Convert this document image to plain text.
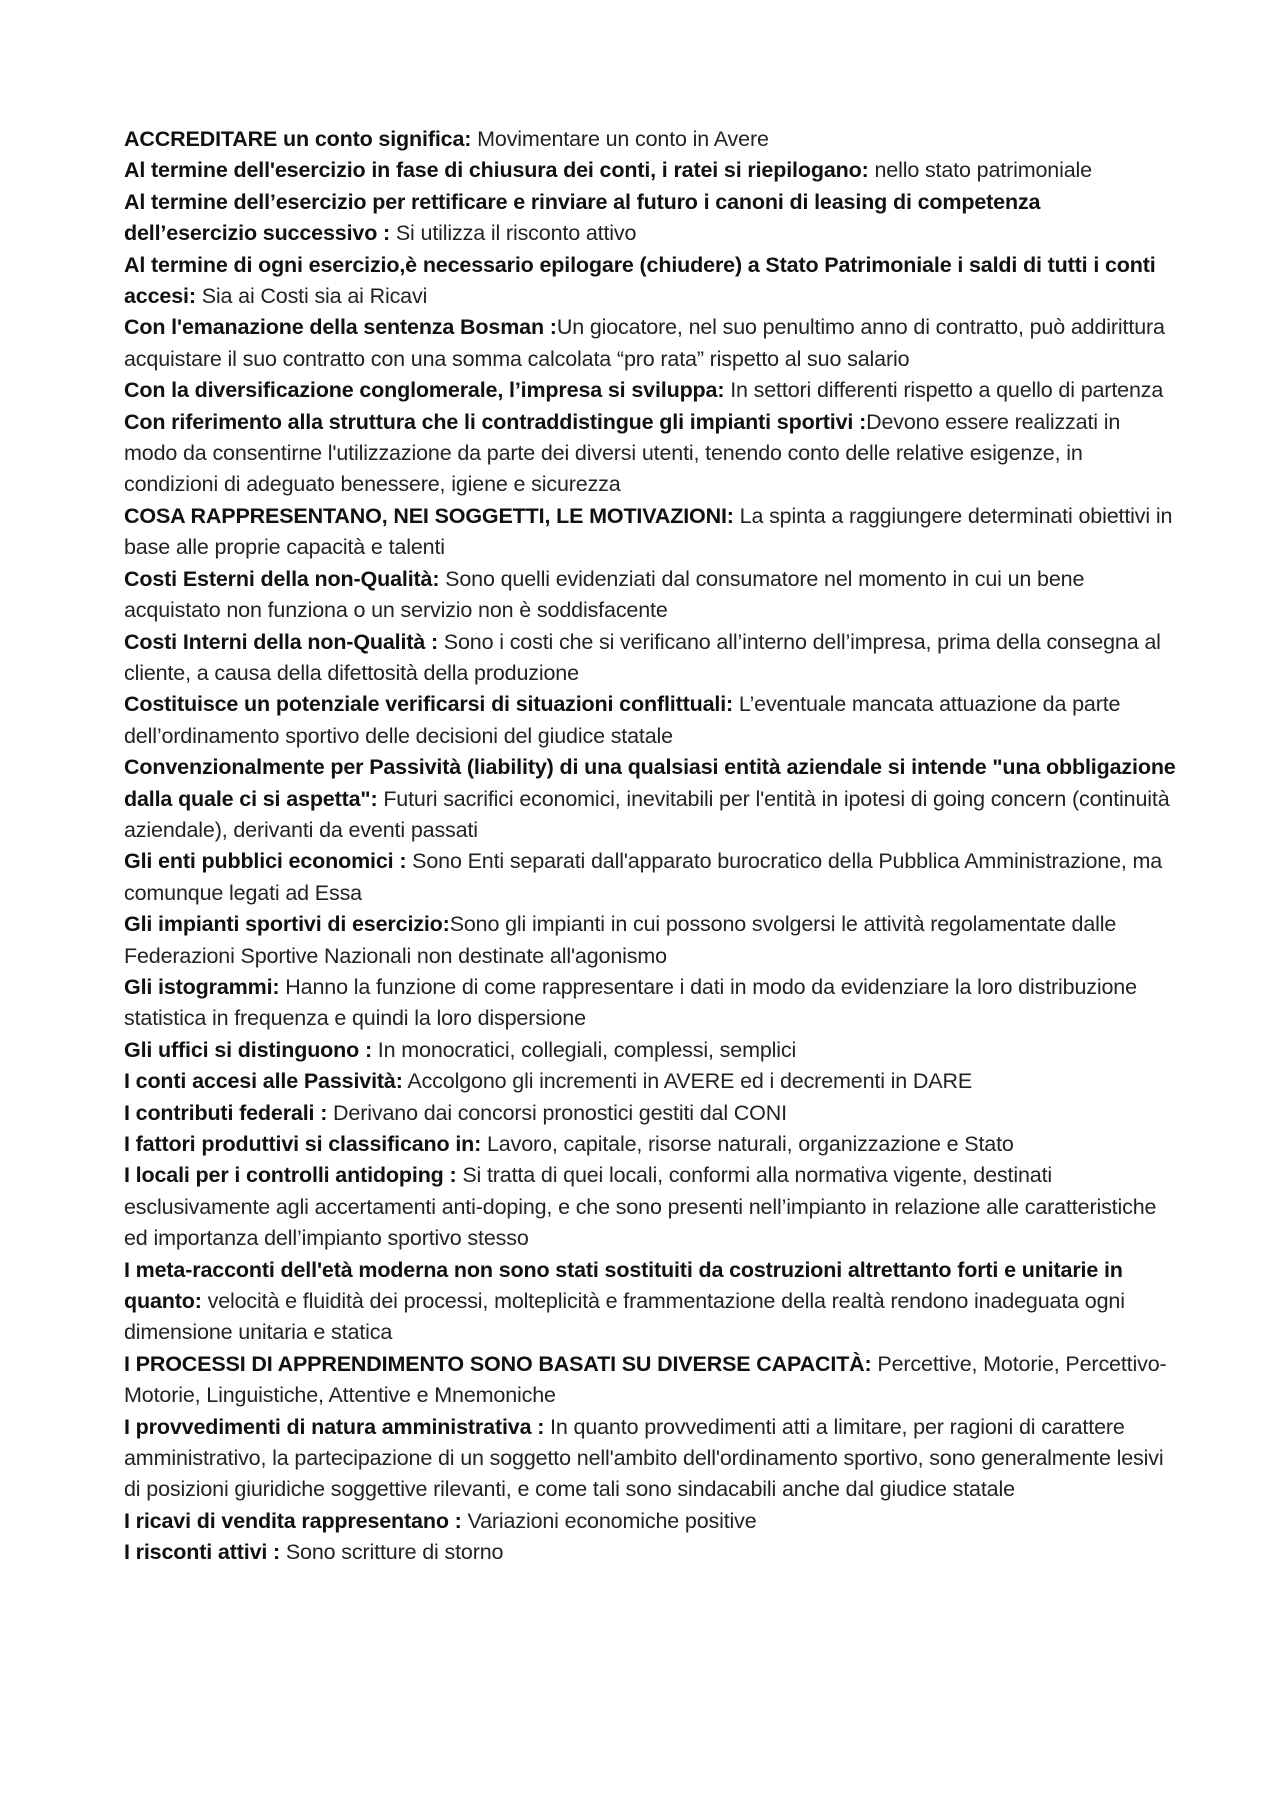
ACCREDITARE un conto significa: Movimentare un conto in Avere

Al termine dell'esercizio in fase di chiusura dei conti, i ratei si riepilogano: nello stato patrimoniale

Al termine dell’esercizio per rettificare e rinviare al futuro i canoni di leasing di competenza dell’esercizio successivo : Si utilizza il risconto attivo

Al termine di ogni esercizio,è necessario epilogare (chiudere) a Stato Patrimoniale i saldi di tutti i conti accesi: Sia ai Costi sia ai Ricavi

Con l'emanazione della sentenza Bosman :Un giocatore, nel suo penultimo anno di contratto, può addirittura acquistare il suo contratto con una somma calcolata “pro rata” rispetto al suo salario

Con la diversificazione conglomerale, l’impresa si sviluppa: In settori differenti rispetto a quello di partenza

Con riferimento alla struttura che li contraddistingue gli impianti sportivi :Devono essere realizzati in modo da consentirne l'utilizzazione da parte dei diversi utenti, tenendo conto delle relative esigenze, in condizioni di adeguato benessere, igiene e sicurezza

COSA RAPPRESENTANO, NEI SOGGETTI, LE MOTIVAZIONI: La spinta a raggiungere determinati obiettivi in base alle proprie capacità e talenti

Costi Esterni della non-Qualità: Sono quelli evidenziati dal consumatore nel momento in cui un bene acquistato non funziona o un servizio non è soddisfacente

Costi Interni della non-Qualità : Sono i costi che si verificano all’interno dell’impresa, prima della consegna al cliente, a causa della difettosità della produzione

Costituisce un potenziale verificarsi di situazioni conflittuali: L’eventuale mancata attuazione da parte dell’ordinamento sportivo delle decisioni del giudice statale

Convenzionalmente per Passività (liability) di una qualsiasi entità aziendale si intende "una obbligazione dalla quale ci si aspetta": Futuri sacrifici economici, inevitabili per l'entità in ipotesi di going concern (continuità aziendale), derivanti da eventi passati

Gli enti pubblici economici : Sono Enti separati dall'apparato burocratico della Pubblica Amministrazione, ma comunque legati ad Essa

Gli impianti sportivi di esercizio:Sono gli impianti in cui possono svolgersi le attività regolamentate dalle Federazioni Sportive Nazionali non destinate all'agonismo

Gli istogrammi: Hanno la funzione di come rappresentare i dati in modo da evidenziare la loro distribuzione statistica in frequenza e quindi la loro dispersione

Gli uffici si distinguono : In monocratici, collegiali, complessi, semplici

I conti accesi alle Passività: Accolgono gli incrementi in AVERE ed i decrementi in DARE

I contributi federali : Derivano dai concorsi pronostici gestiti dal CONI

I fattori produttivi si classificano in: Lavoro, capitale, risorse naturali, organizzazione e Stato

I locali per i controlli antidoping : Si tratta di quei locali, conformi alla normativa vigente, destinati esclusivamente agli accertamenti anti-doping, e che sono presenti nell’impianto in relazione alle caratteristiche ed importanza dell’impianto sportivo stesso

I meta-racconti dell'età moderna non sono stati sostituiti da costruzioni altrettanto forti e unitarie in quanto: velocità e fluidità dei processi, molteplicità e frammentazione della realtà rendono inadeguata ogni dimensione unitaria e statica

I PROCESSI DI APPRENDIMENTO SONO BASATI SU DIVERSE CAPACITÀ: Percettive, Motorie, Percettivo-Motorie, Linguistiche, Attentive e Mnemoniche

I provvedimenti di natura amministrativa : In quanto provvedimenti atti a limitare, per ragioni di carattere amministrativo, la partecipazione di un soggetto nell'ambito dell'ordinamento sportivo, sono generalmente lesivi di posizioni giuridiche soggettive rilevanti, e come tali sono sindacabili anche dal giudice statale

I ricavi di vendita rappresentano : Variazioni economiche positive

I risconti attivi : Sono scritture di storno
